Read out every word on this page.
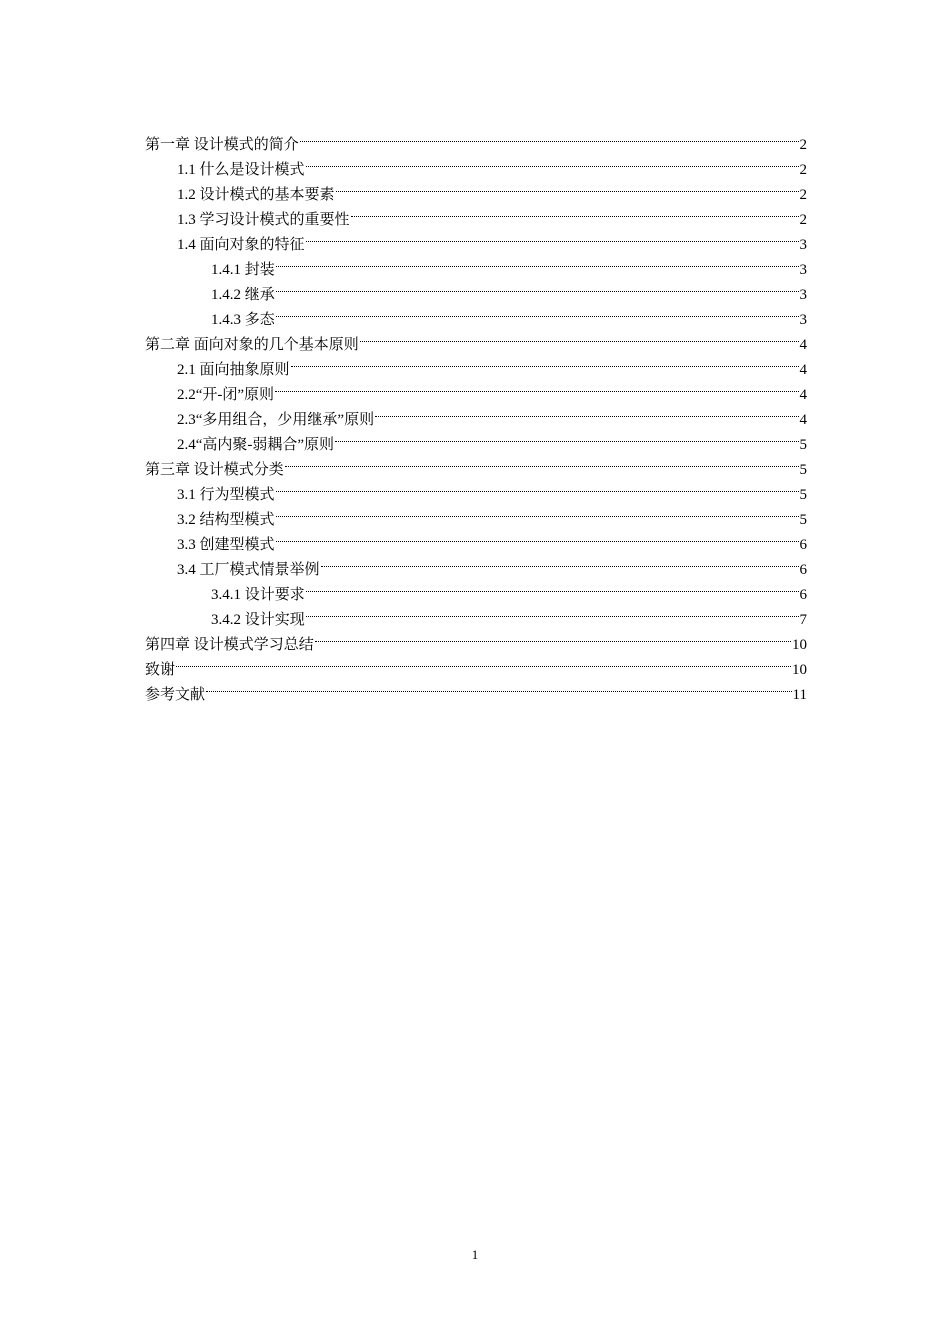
第一章 设计模式的简介	2
1.1 什么是设计模式	2
1.2 设计模式的基本要素	2
1.3 学习设计模式的重要性	2
1.4 面向对象的特征	3
1.4.1 封装	3
1.4.2 继承	3
1.4.3 多态	3
第二章 面向对象的几个基本原则	4
2.1 面向抽象原则	4
2.2“开-闭”原则	4
2.3“多用组合，少用继承”原则	4
2.4“高内聚-弱耦合”原则	5
第三章 设计模式分类	5
3.1 行为型模式	5
3.2 结构型模式	5
3.3 创建型模式	6
3.4 工厂模式情景举例	6
3.4.1 设计要求	6
3.4.2 设计实现	7
第四章 设计模式学习总结	10
致谢	10
参考文献	11
1
